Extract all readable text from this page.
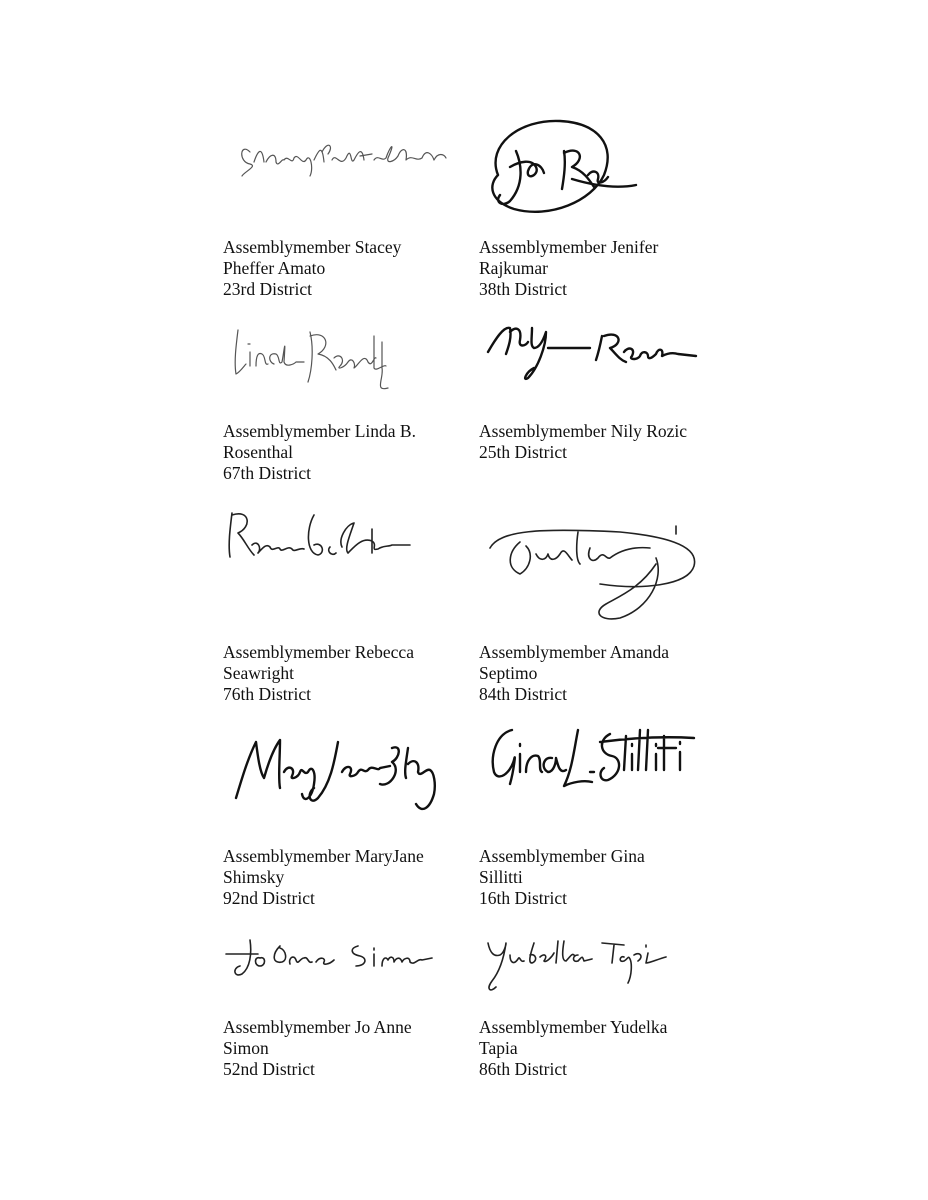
Assemblymember Stacey
Pheffer Amato
23rd District
Assemblymember Jenifer
Rajkumar
38th District
Assemblymember Linda B.
Rosenthal
67th District
Assemblymember Nily Rozic
25th District
Assemblymember Rebecca
Seawright
76th District
Assemblymember Amanda
Septimo
84th District
Assemblymember MaryJane
Shimsky
92nd District
Assemblymember Gina
Sillitti
16th District
Assemblymember Jo Anne
Simon
52nd District
Assemblymember Yudelka
Tapia
86th District
